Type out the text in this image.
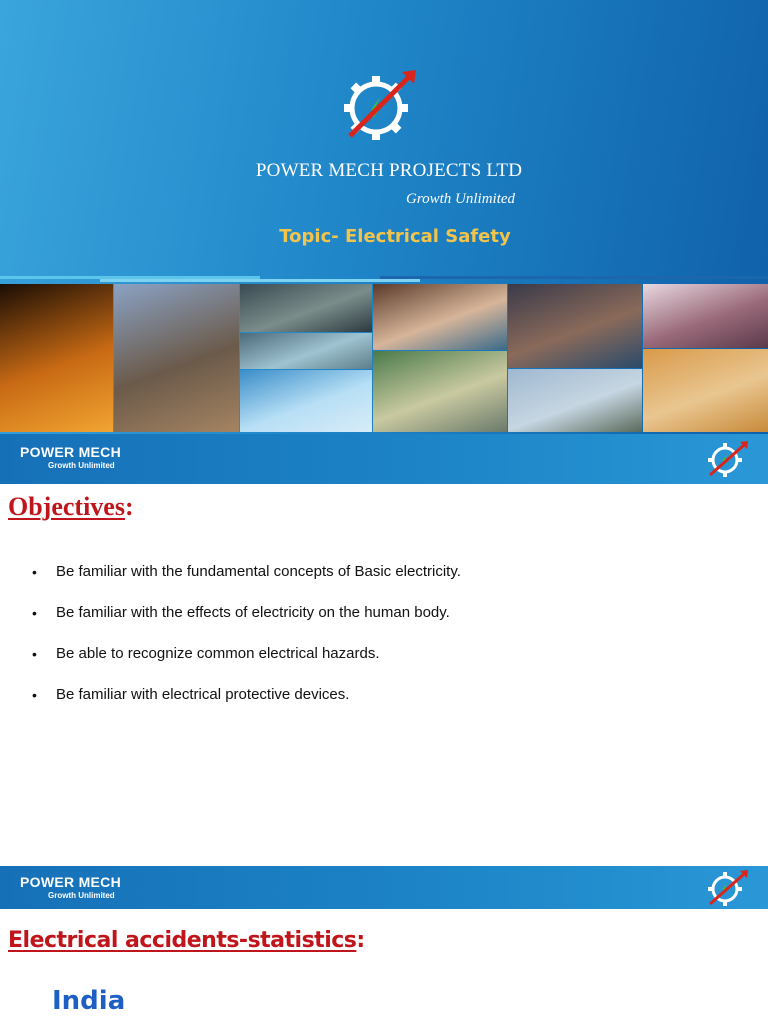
POWER MECH PROJECTS LTD
Growth Unlimited
Topic- Electrical Safety
POWER MECH
Growth Unlimited
Objectives:
• Be familiar with the fundamental concepts of Basic electricity.
• Be familiar with the effects of electricity on the human body.
• Be able to recognize common electrical hazards.
• Be familiar with electrical protective devices.
POWER MECH
Growth Unlimited
Electrical accidents-statistics:
India
